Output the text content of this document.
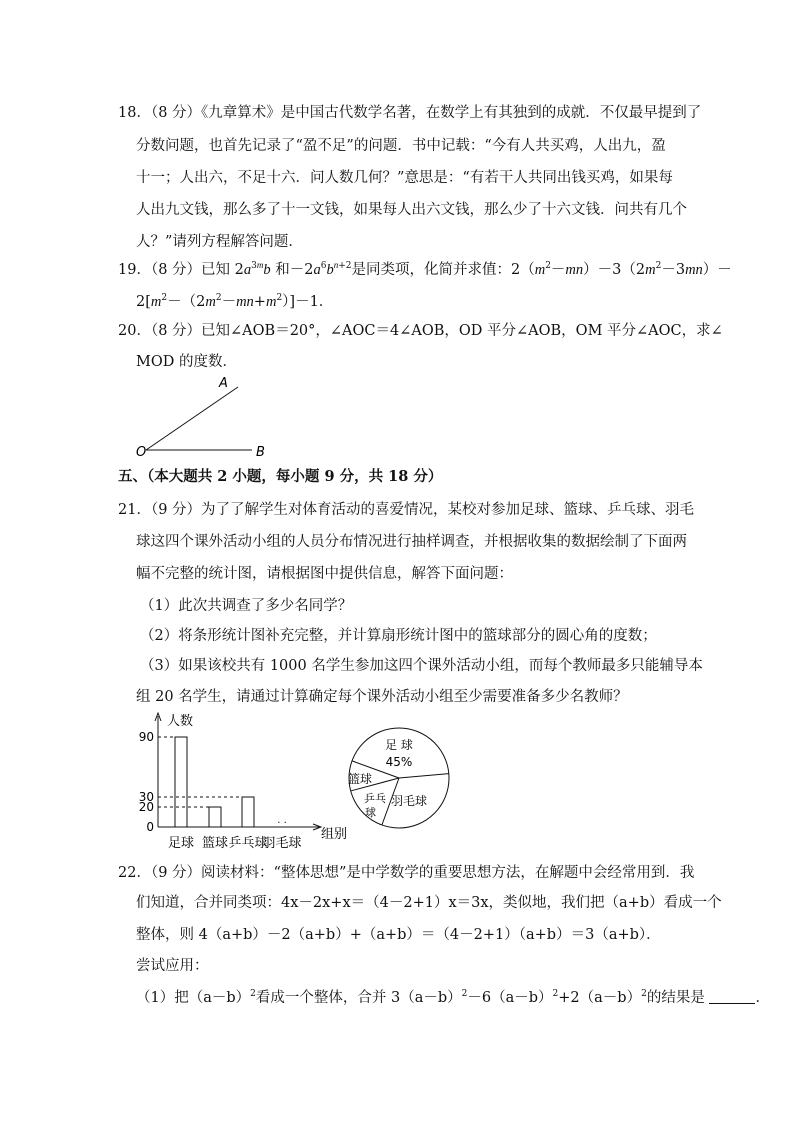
18．（8 分）《九章算术》是中国古代数学名著，在数学上有其独到的成就．不仅最早提到了
分数问题，也首先记录了“盈不足”的问题．书中记载：“今有人共买鸡，人出九，盈
十一；人出六，不足十六．问人数几何？”意思是：“有若干人共同出钱买鸡，如果每
人出九文钱，那么多了十一文钱，如果每人出六文钱，那么少了十六文钱．问共有几个
人？”请列方程解答问题．
19．（8 分）已知 $2a^{3m}b$ 和$-2a^6b^{n+2}$是同类项，化简并求值：$2(m^2-mn)-3(2m^2-3mn)-$
$2[m^2-(2m^2-mn+m^2)]-1$．
20．（8 分）已知∠AOB＝20°，∠AOC＝4∠AOB，OD 平分∠AOB，OM 平分∠AOC，求∠
MOD 的度数．
A
O	B
五、（本大题共 2 小题，每小题 9 分，共 18 分）
21．（9 分）为了了解学生对体育活动的喜爱情况，某校对参加足球、篮球、乒乓球、羽毛
球这四个课外活动小组的人员分布情况进行抽样调查，并根据收集的数据绘制了下面两
幅不完整的统计图，请根据图中提供信息，解答下面问题：
（1）此次共调查了多少名同学？
（2）将条形统计图补充完整，并计算扇形统计图中的篮球部分的圆心角的度数；
（3）如果该校共有 1000 名学生参加这四个课外活动小组，而每个教师最多只能辅导本
组 20 名学生，请通过计算确定每个课外活动小组至少需要准备多少名教师？
人数
组别
0
20
30
90
足球 篮球 乒乓球
. .
羽毛球
足 球
45%
篮球
乒乓
球
羽毛球
22．（9 分）阅读材料：“整体思想”是中学数学的重要思想方法，在解题中会经常用到．我
们知道，合并同类项：4x－2x+x＝（4－2+1）x＝3x，类似地，我们把（a+b）看成一个
整体，则 4（a+b）－2（a+b）+（a+b）＝（4－2+1）（a+b）＝3（a+b）．
尝试应用：
（1）把$(a-b)^2$看成一个整体，合并 $3(a-b)^2-6(a-b)^2+2(a-b)^2$的结果是	．
